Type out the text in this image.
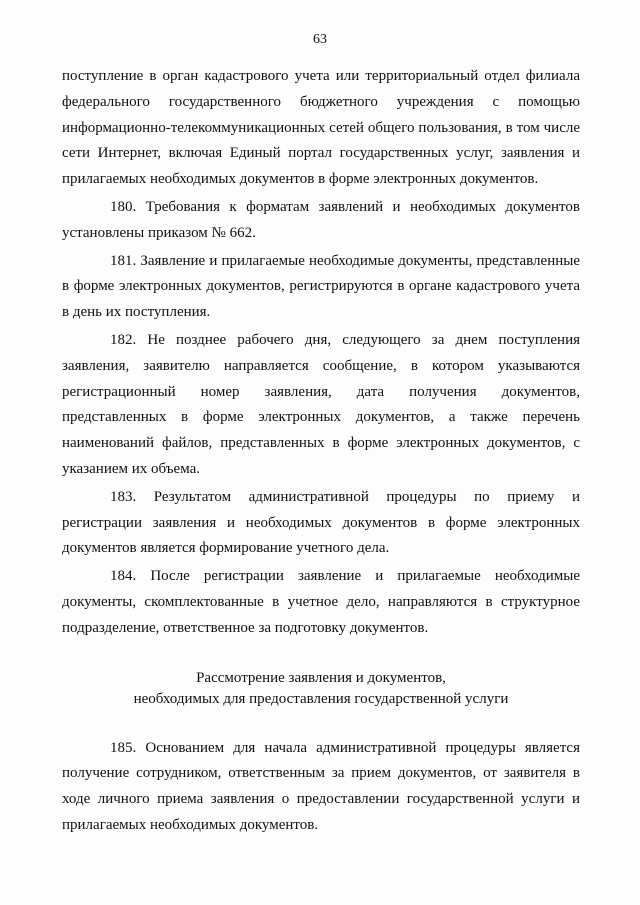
63

поступление в орган кадастрового учета или территориальный отдел филиала федерального государственного бюджетного учреждения с помощью информационно-телекоммуникационных сетей общего пользования, в том числе сети Интернет, включая Единый портал государственных услуг, заявления и прилагаемых необходимых документов в форме электронных документов.

180. Требования к форматам заявлений и необходимых документов установлены приказом № 662.

181. Заявление и прилагаемые необходимые документы, представленные в форме электронных документов, регистрируются в органе кадастрового учета в день их поступления.

182. Не позднее рабочего дня, следующего за днем поступления заявления, заявителю направляется сообщение, в котором указываются регистрационный номер заявления, дата получения документов, представленных в форме электронных документов, а также перечень наименований файлов, представленных в форме электронных документов, с указанием их объема.

183. Результатом административной процедуры по приему и регистрации заявления и необходимых документов в форме электронных документов является формирование учетного дела.

184. После регистрации заявление и прилагаемые необходимые документы, скомплектованные в учетное дело, направляются в структурное подразделение, ответственное за подготовку документов.

Рассмотрение заявления и документов,
необходимых для предоставления государственной услуги

185. Основанием для начала административной процедуры является получение сотрудником, ответственным за прием документов, от заявителя в ходе личного приема заявления о предоставлении государственной услуги и прилагаемых необходимых документов.
